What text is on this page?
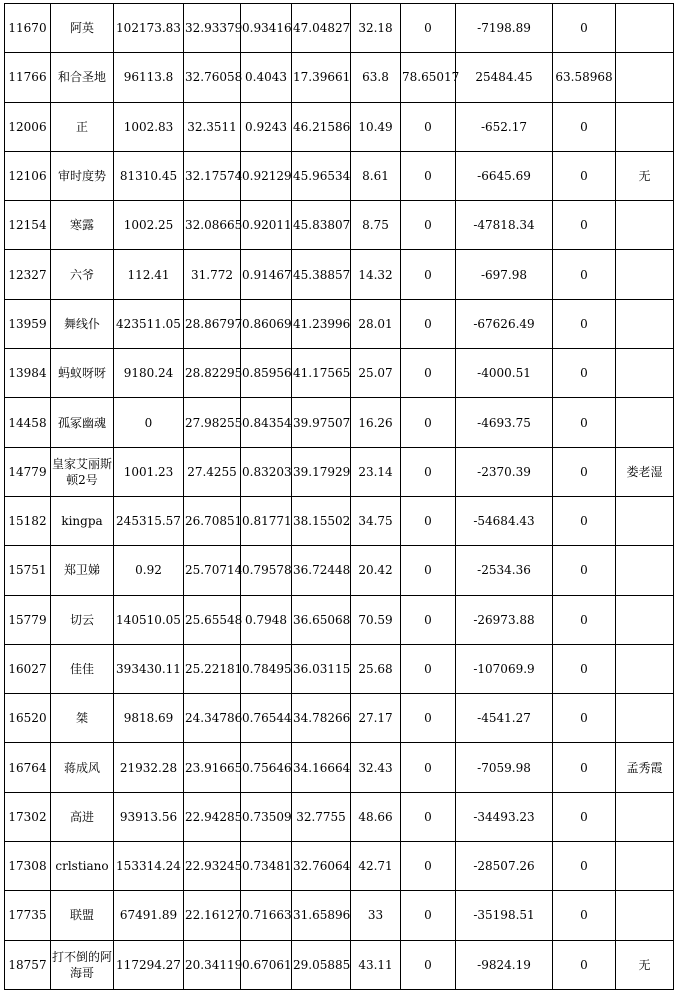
11670	阿英	102173.83	32.93379	0.93416	47.04827	32.18	0	-7198.89	0	
11766	和合圣地	96113.8	32.76058	0.4043	17.39661	63.8	78.65017	25484.45	63.58968	
12006	正	1002.83	32.3511	0.9243	46.21586	10.49	0	-652.17	0	
12106	审时度势	81310.45	32.17574	0.92129	45.96534	8.61	0	-6645.69	0	无
12154	寒露	1002.25	32.08665	0.92011	45.83807	8.75	0	-47818.34	0	
12327	六爷	112.41	31.772	0.91467	45.38857	14.32	0	-697.98	0	
13959	舞线仆	423511.05	28.86797	0.86069	41.23996	28.01	0	-67626.49	0	
13984	蚂蚁呀呀	9180.24	28.82295	0.85956	41.17565	25.07	0	-4000.51	0	
14458	孤冢幽魂	0	27.98255	0.84354	39.97507	16.26	0	-4693.75	0	
14779	皇家艾丽斯顿2号	1001.23	27.4255	0.83203	39.17929	23.14	0	-2370.39	0	娄老湿
15182	kingpa	245315.57	26.70851	0.81771	38.15502	34.75	0	-54684.43	0	
15751	郑卫娣	0.92	25.70714	0.79578	36.72448	20.42	0	-2534.36	0	
15779	切云	140510.05	25.65548	0.7948	36.65068	70.59	0	-26973.88	0	
16027	佳佳	393430.11	25.22181	0.78495	36.03115	25.68	0	-107069.9	0	
16520	桀	9818.69	24.34786	0.76544	34.78266	27.17	0	-4541.27	0	
16764	蒋成风	21932.28	23.91665	0.75646	34.16664	32.43	0	-7059.98	0	孟秀霞
17302	高进	93913.56	22.94285	0.73509	32.7755	48.66	0	-34493.23	0	
17308	crlstiano	153314.24	22.93245	0.73481	32.76064	42.71	0	-28507.26	0	
17735	联盟	67491.89	22.16127	0.71663	31.65896	33	0	-35198.51	0	
18757	打不倒的阿海哥	117294.27	20.34119	0.67061	29.05885	43.11	0	-9824.19	0	无
